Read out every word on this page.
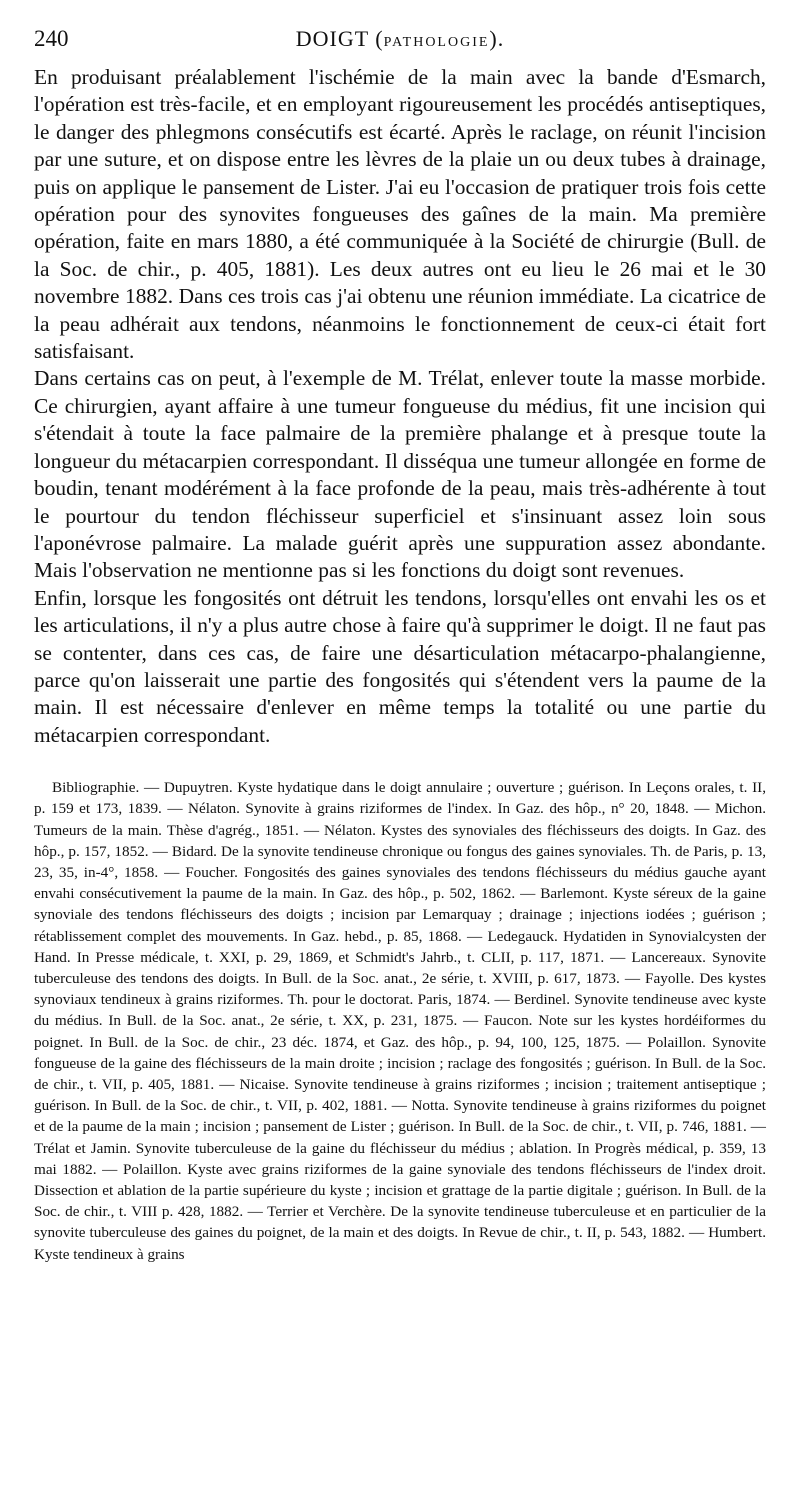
240	DOIGT (PATHOLOGIE).

En produisant préalablement l'ischémie de la main avec la bande d'Esmarch, l'opération est très-facile, et en employant rigoureusement les procédés antiseptiques, le danger des phlegmons consécutifs est écarté. Après le raclage, on réunit l'incision par une suture, et on dispose entre les lèvres de la plaie un ou deux tubes à drainage, puis on applique le pansement de Lister. J'ai eu l'occasion de pratiquer trois fois cette opération pour des synovites fongueuses des gaînes de la main. Ma première opération, faite en mars 1880, a été communiquée à la Société de chirurgie (Bull. de la Soc. de chir., p. 405, 1881). Les deux autres ont eu lieu le 26 mai et le 30 novembre 1882. Dans ces trois cas j'ai obtenu une réunion immédiate. La cicatrice de la peau adhérait aux tendons, néanmoins le fonctionnement de ceux-ci était fort satisfaisant.

Dans certains cas on peut, à l'exemple de M. Trélat, enlever toute la masse morbide. Ce chirurgien, ayant affaire à une tumeur fongueuse du médius, fit une incision qui s'étendait à toute la face palmaire de la première phalange et à presque toute la longueur du métacarpien correspondant. Il disséqua une tumeur allongée en forme de boudin, tenant modérément à la face profonde de la peau, mais très-adhérente à tout le pourtour du tendon fléchisseur superficiel et s'insinuant assez loin sous l'aponévrose palmaire. La malade guérit après une suppuration assez abondante. Mais l'observation ne mentionne pas si les fonctions du doigt sont revenues.

Enfin, lorsque les fongosités ont détruit les tendons, lorsqu'elles ont envahi les os et les articulations, il n'y a plus autre chose à faire qu'à supprimer le doigt. Il ne faut pas se contenter, dans ces cas, de faire une désarticulation métacarpo-phalangienne, parce qu'on laisserait une partie des fongosités qui s'étendent vers la paume de la main. Il est nécessaire d'enlever en même temps la totalité ou une partie du métacarpien correspondant.

Bibliographie. — Dupuytren. Kyste hydatique dans le doigt annulaire ; ouverture ; guérison. In Leçons orales, t. II, p. 159 et 173, 1839. — Nélaton. Synovite à grains riziformes de l'index. In Gaz. des hôp., n° 20, 1848. — Michon. Tumeurs de la main. Thèse d'agrég., 1851. — Nélaton. Kystes des synoviales des fléchisseurs des doigts. In Gaz. des hôp., p. 157, 1852. — Bidard. De la synovite tendineuse chronique ou fongus des gaines synoviales. Th. de Paris, p. 13, 23, 35, in-4°, 1858. — Foucher. Fongosités des gaines synoviales des tendons fléchisseurs du médius gauche ayant envahi consécutivement la paume de la main. In Gaz. des hôp., p. 502, 1862. — Barlemont. Kyste séreux de la gaine synoviale des tendons fléchisseurs des doigts ; incision par Lemarquay ; drainage ; injections iodées ; guérison ; rétablissement complet des mouvements. In Gaz. hebd., p. 85, 1868. — Ledegauck. Hydatiden in Synovialcysten der Hand. In Presse médicale, t. XXI, p. 29, 1869, et Schmidt's Jahrb., t. CLII, p. 117, 1871. — Lancereaux. Synovite tuberculeuse des tendons des doigts. In Bull. de la Soc. anat., 2e série, t. XVIII, p. 617, 1873. — Fayolle. Des kystes synoviaux tendineux à grains riziformes. Th. pour le doctorat. Paris, 1874. — Berdinel. Synovite tendineuse avec kyste du médius. In Bull. de la Soc. anat., 2e série, t. XX, p. 231, 1875. — Faucon. Note sur les kystes hordéiformes du poignet. In Bull. de la Soc. de chir., 23 déc. 1874, et Gaz. des hôp., p. 94, 100, 125, 1875. — Polaillon. Synovite fongueuse de la gaine des fléchisseurs de la main droite ; incision ; raclage des fongosités ; guérison. In Bull. de la Soc. de chir., t. VII, p. 405, 1881. — Nicaise. Synovite tendineuse à grains riziformes ; incision ; traitement antiseptique ; guérison. In Bull. de la Soc. de chir., t. VII, p. 402, 1881. — Notta. Synovite tendineuse à grains riziformes du poignet et de la paume de la main ; incision ; pansement de Lister ; guérison. In Bull. de la Soc. de chir., t. VII, p. 746, 1881. — Trélat et Jamin. Synovite tuberculeuse de la gaine du fléchisseur du médius ; ablation. In Progrès médical, p. 359, 13 mai 1882. — Polaillon. Kyste avec grains riziformes de la gaine synoviale des tendons fléchisseurs de l'index droit. Dissection et ablation de la partie supérieure du kyste ; incision et grattage de la partie digitale ; guérison. In Bull. de la Soc. de chir., t. VIII p. 428, 1882. — Terrier et Verchère. De la synovite tendineuse tuberculeuse et en particulier de la synovite tuberculeuse des gaines du poignet, de la main et des doigts. In Revue de chir., t. II, p. 543, 1882. — Humbert. Kyste tendineux à grains
